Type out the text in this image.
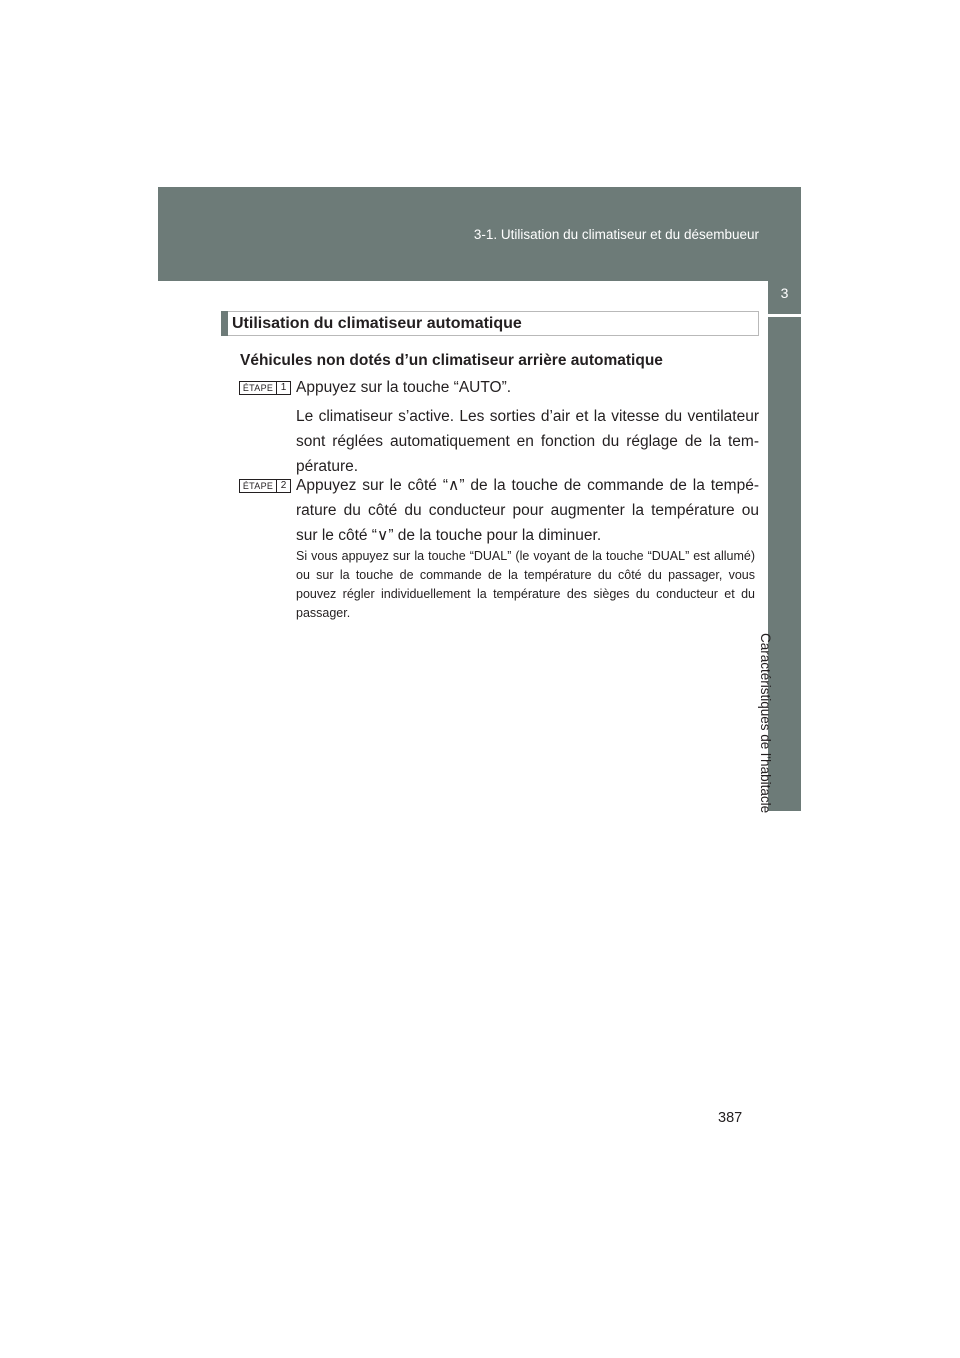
3-1. Utilisation du climatiseur et du désembueur
3
Caractéristiques de l’habitacle
Utilisation du climatiseur automatique
Véhicules non dotés d’un climatiseur arrière automatique
ÉTAPE 1 Appuyez sur la touche “AUTO”.
Le climatiseur s’active. Les sorties d’air et la vitesse du ventilateur sont réglées automatiquement en fonction du réglage de la tem- pérature.
ÉTAPE 2 Appuyez sur le côté “∧” de la touche de commande de la tempé- rature du côté du conducteur pour augmenter la température ou sur le côté “∨” de la touche pour la diminuer.
Si vous appuyez sur la touche “DUAL” (le voyant de la touche “DUAL” est allumé) ou sur la touche de commande de la température du côté du passager, vous pouvez régler individuellement la température des sièges du conducteur et du passager.
387
